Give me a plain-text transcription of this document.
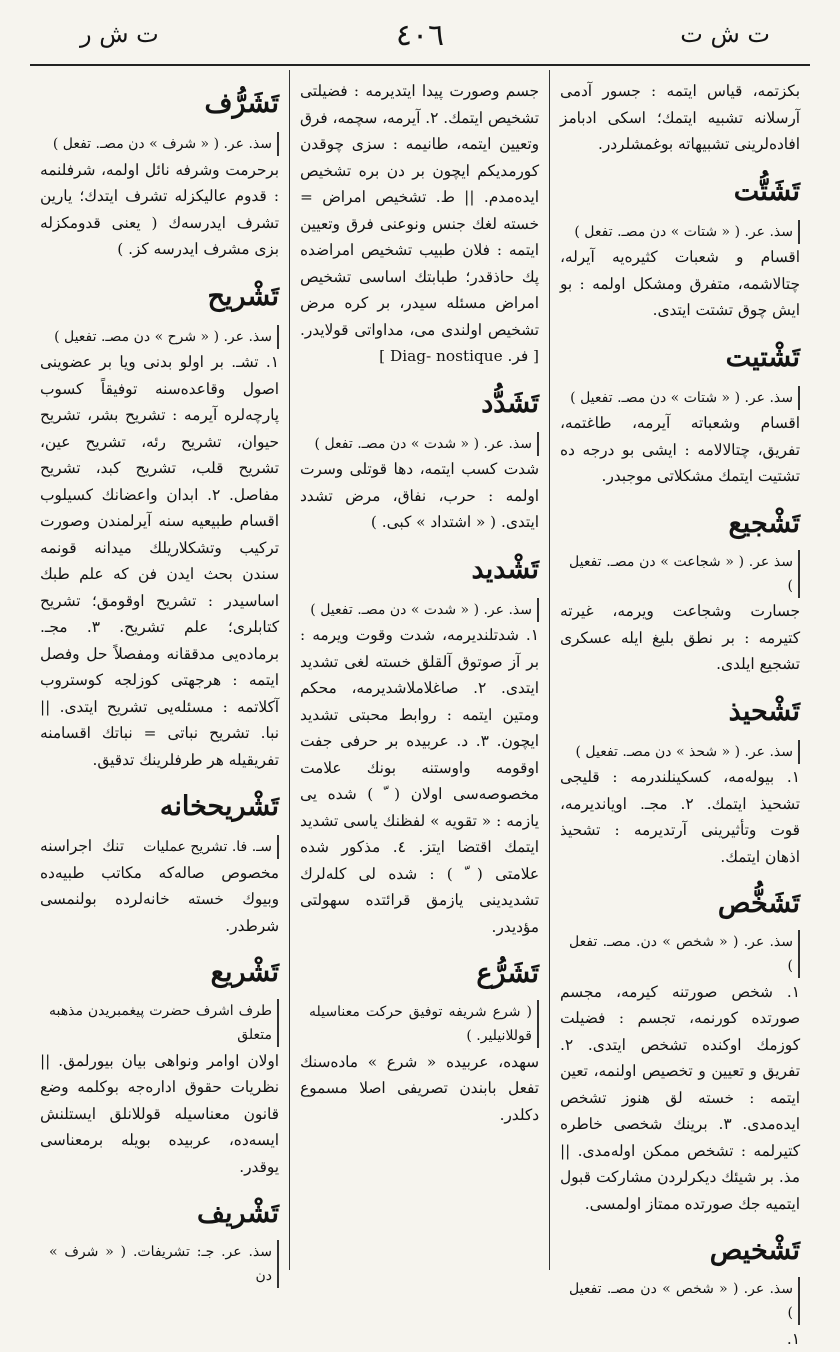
ت ش ت
٤٠٦
ت ش ر

بكزتمه، قياس ايتمه : جسور آدمى آرسلانه تشبيه ايتمك؛ اسكى ادبامز افادەلرينى تشبيهاته بوغمشلردر.

تَشَتُّت
سذ. عر. ( « شتات » دن مصـ. تفعل ) اقسام و شعبات كثيرەيە آيرلە، چتالاشمه، متفرق ومشكل اولمه : بو ايش چوق تشتت ايتدى.

تَشْتيت
سذ. عر. ( « شتات » دن مصـ. تفعيل ) اقسام وشعباته آيرمه، طاغتمه، تفريق، چتالالامه : ايشى بو درجه ده تشتيت ايتمك مشكلاتى موجبدر.

تَشْجيع
سذ عر. ( « شجاعت » دن مصـ. تفعيل ) جسارت وشجاعت ويرمه، غيرته كتيرمه : بر نطق بليغ ايله عسكرى تشجيع ايلدى.

تَشْحيذ
سذ. عر. ( « شحذ » دن مصـ. تفعيل ) ١. بيولەمه، كسكينلندرمه : قليجى تشحيذ ايتمك. ٢. مجـ. اويانديرمه، قوت وتأثيرينى آرتديرمه : تشحيذ اذهان ايتمك.

تَشَخُّص
سذ. عر. ( « شخص » دن. مصـ. تفعل ) ١. شخص صورتنه كيرمه، مجسم صورتده كورنمه، تجسم : فضيلت كوزمك اوكنده تشخص ايتدى. ٢. تفريق و تعيين و تخصيص اولنمه، تعين ايتمه : خسته لق هنوز تشخص ايدەمدى. ٣. برينك شخصى خاطره كتيرلمه : تشخص ممكن اولەمدى. || مذ. بر شيئك ديكرلردن مشاركت قبول ايتميه جك صورتده ممتاز اولمسى.

تَشْخيص
سذ. عر. ( « شخص » دن مصـ. تفعيل ) ١.

جسم وصورت پيدا ايتديرمه : فضيلتى تشخيص ايتمك. ٢. آيرمه، سچمه، فرق وتعيين ايتمه، طانيمه : سزى چوقدن كورمديكم ايچون بر دن بره تشخيص ايدەمدم. || ط. تشخيص امراض = خسته لغك جنس ونوعنى فرق وتعيين ايتمه : فلان طبيب تشخيص امراضده پك حاذقدر؛ طبابتك اساسى تشخيص امراض مسئله سيدر، بر كره مرض تشخيص اولندى مى، مداواتى قولايدر. [ فر. Diag- nostique ]

تَشَدُّد
سذ. عر. ( « شدت » دن مصـ. تفعل ) شدت كسب ايتمه، دها قوتلى وسرت اولمه : حرب، نفاق، مرض تشدد ايتدى. ( « اشتداد » كبى. )

تَشْديد
سذ. عر. ( « شدت » دن مصـ. تفعيل ) ١. شدتلنديرمه، شدت وقوت ويرمه : بر آز صوتوق آلقلق خسته لغى تشديد ايتدى. ٢. صاغلاملاشديرمه، محكم ومتين ايتمه : روابط محبتى تشديد ايچون. ٣. د. عربيده بر حرفى جفت اوقومه واوستنه بونك علامت مخصوصەسى اولان ( ّ ) شده يى يازمه : « تقويه » لفظنك ياسى تشديد ايتمك اقتضا ايتز. ٤. مذكور شده علامتى ( ّ ) : شده لى كلەلرك تشديدينى يازمق قرائتده سهولتى مؤديدر.

تَشَرُّع
( شرع شريفه توفيق حركت معناسيله قوللانيلير. ) سهده، عربيده « شرع » مادەسنك تفعل بابندن تصريفى اصلا مسموع دكلدر.

تَشَرُّف
سذ. عر. ( « شرف » دن مصـ. تفعل ) برحرمت وشرفه نائل اولمه، شرفلنمه : قدوم عاليكزله تشرف ايتدك؛ يارين تشرف ايدرسەك ( يعنى قدومكزله بزى مشرف ايدرسه كز. )

تَشْريح
سذ. عر. ( « شرح » دن مصـ. تفعيل ) ١. تشـ. بر اولو بدنى ويا بر عضوينى اصول وقاعدەسنه توفيقاً كسوب پارچەلره آيرمه : تشريح بشر، تشريح حيوان، تشريح رئه، تشريح عين، تشريح قلب، تشريح كبد، تشريح مفاصل. ٢. ابدان واعضانك كسيلوب اقسام طبيعيه سنه آيرلمندن وصورت تركيب وتشكلاريلك ميدانه قونمه سندن بحث ايدن فن كه علم طبك اساسيدر : تشريح اوقومق؛ تشريح كتابلرى؛ علم تشريح. ٣. مجـ. برمادەيى مدققانه ومفصلاً حل وفصل ايتمه : هرجهتى كوزلجه كوستروب آكلاتمه : مسئلەيى تشريح ايتدى. || نبا. تشريح نباتى = نباتك اقسامنه تفريقيله هر طرفلرينك تدقيق.

تَشْريحخانه
سـ. فا. تشريح عمليات تنك اجراسنه مخصوص صالەكه مكاتب طبيەده وبيوك خسته خانەلرده بولنمسى شرطدر.

تَشْريع
طرف اشرف حضرت پيغمبريدن مذهبه متعلق اولان اوامر ونواهى بيان بيورلمق. || نظريات حقوق ادارەجه بوكلمه وضع قانون معناسيله قوللانلق ايستلنش ايسەده، عربيده بويله برمعناسى يوقدر.

تَشْريف
سذ. عر. جـ: تشريفات. ( « شرف » دن
